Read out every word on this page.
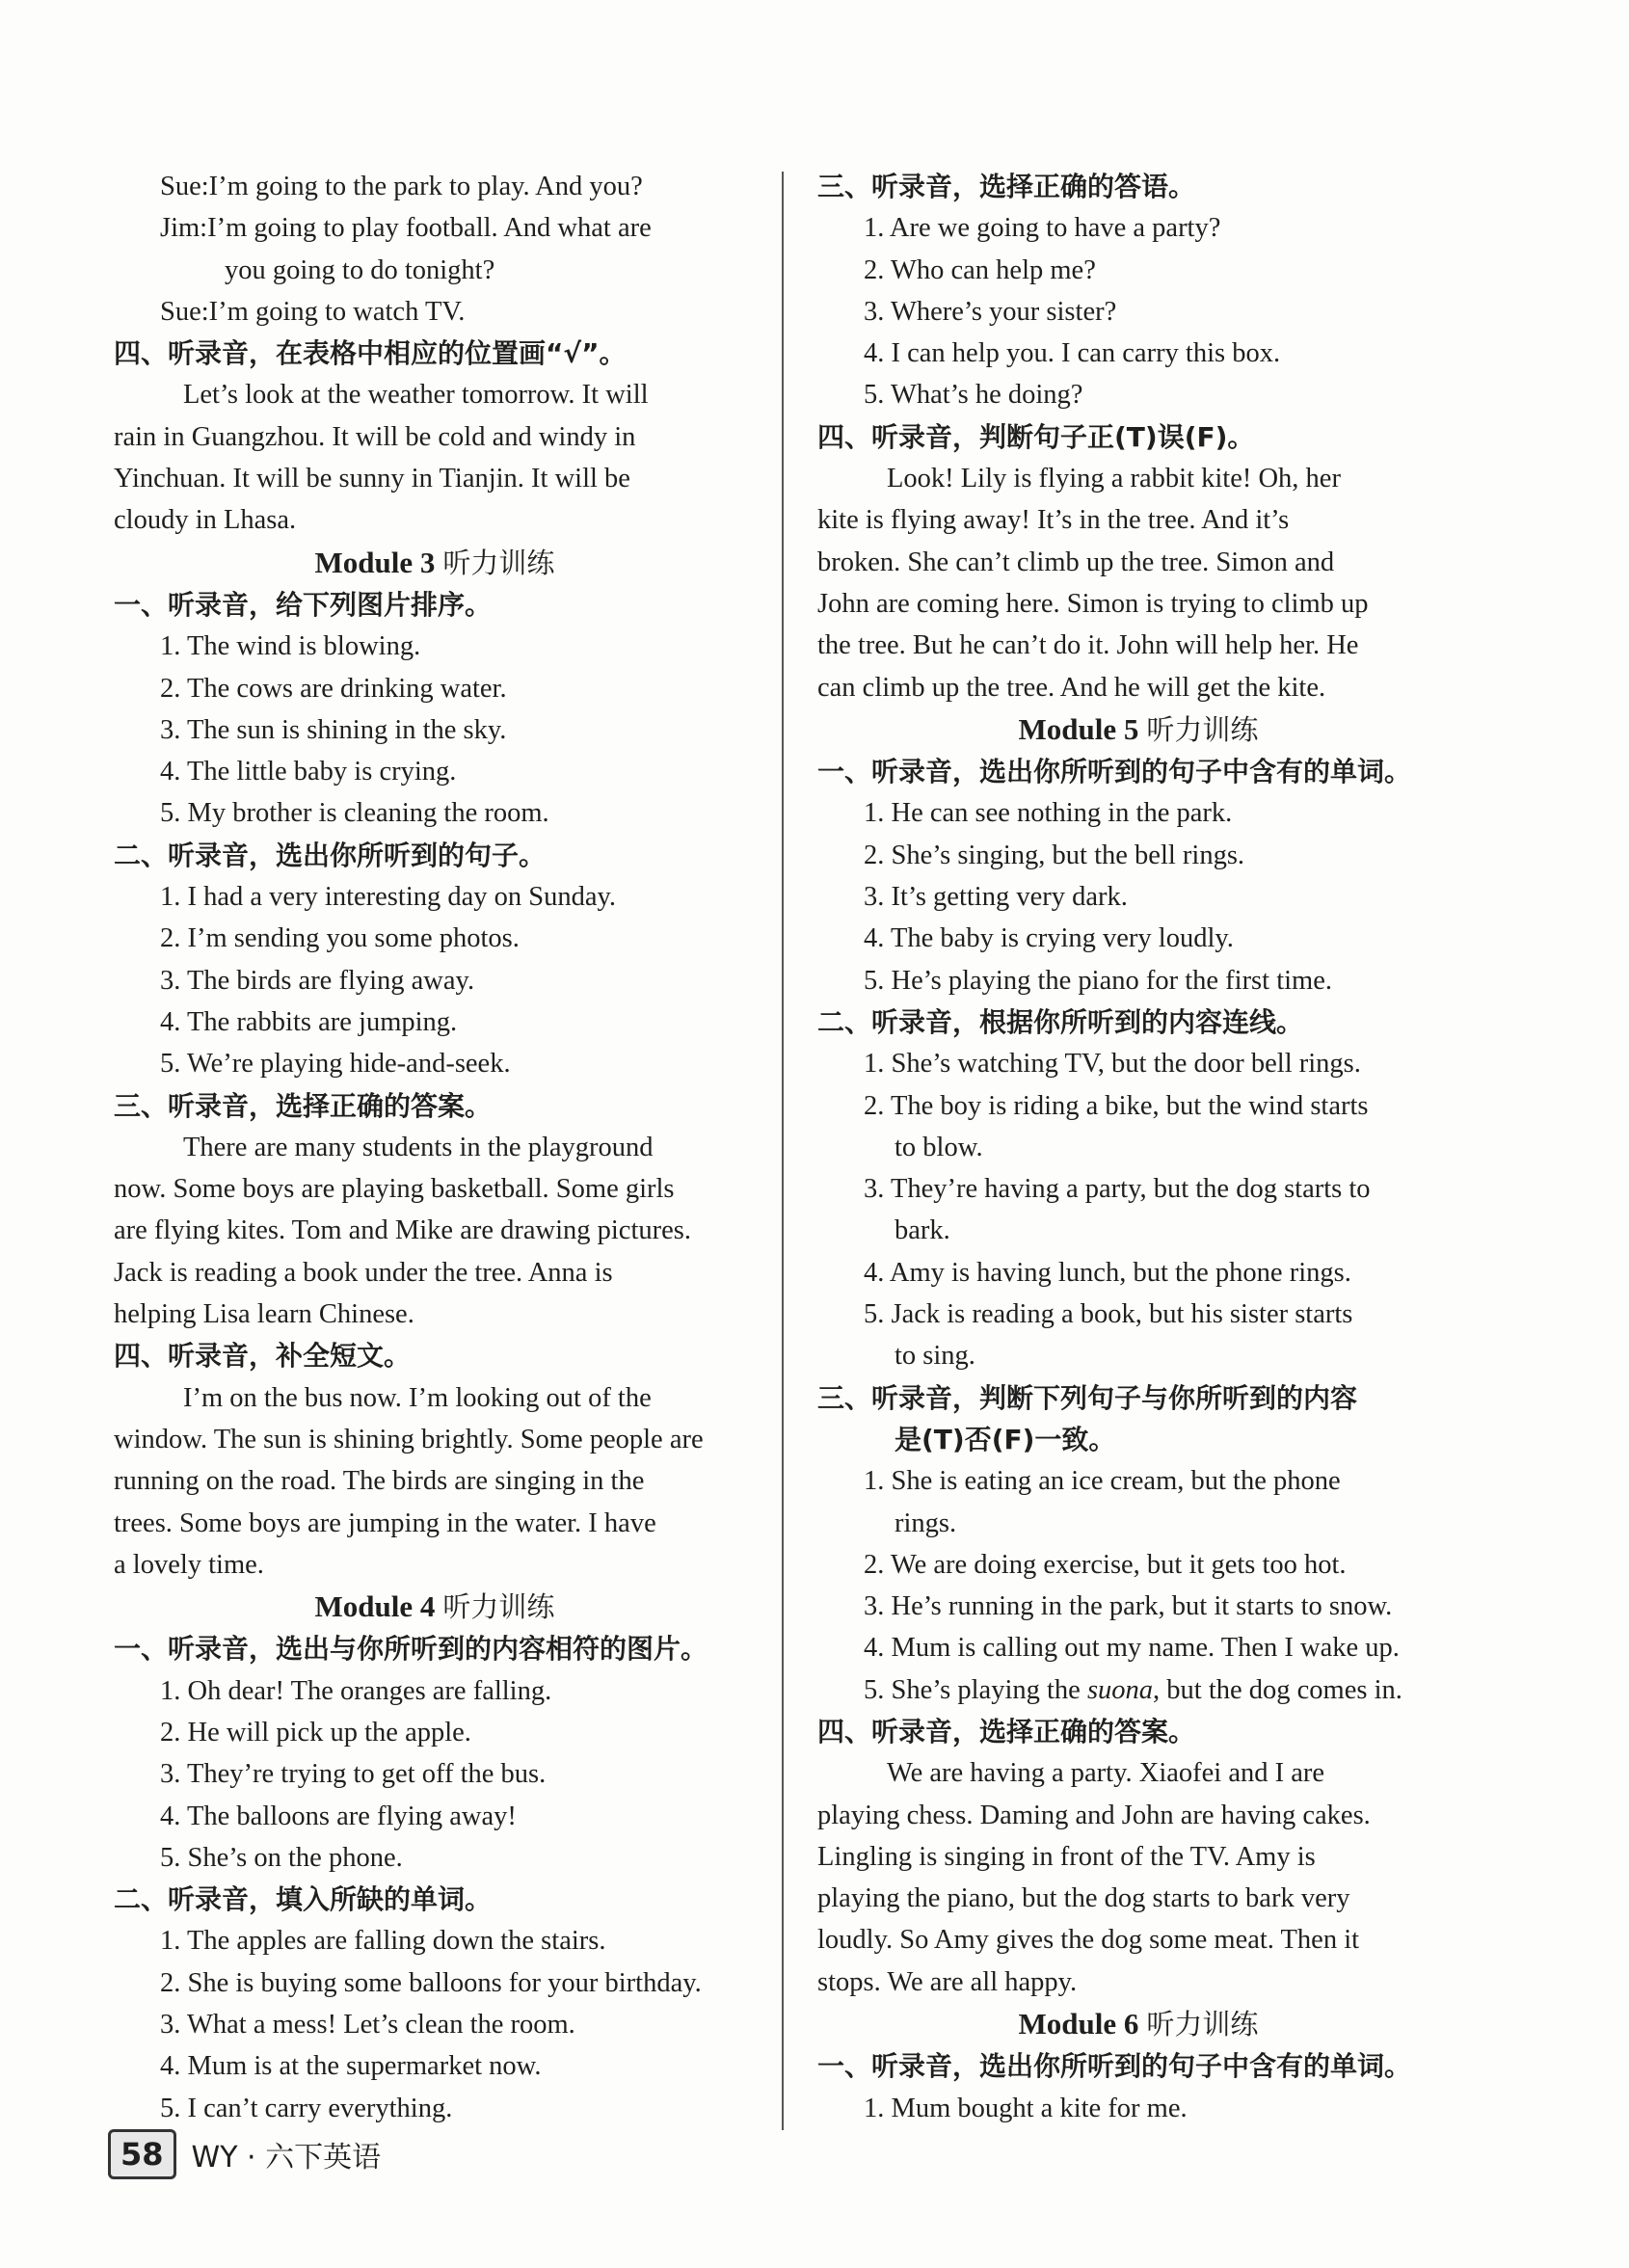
Sue:I’m going to the park to play. And you?
Jim:I’m going to play football. And what are
you going to do tonight?
Sue:I’m going to watch TV.
四、听录音，在表格中相应的位置画“√”。
Let’s look at the weather tomorrow. It will
rain in Guangzhou. It will be cold and windy in
Yinchuan. It will be sunny in Tianjin. It will be
cloudy in Lhasa.
Module 3 听力训练
一、听录音，给下列图片排序。
1. The wind is blowing.
2. The cows are drinking water.
3. The sun is shining in the sky.
4. The little baby is crying.
5. My brother is cleaning the room.
二、听录音，选出你所听到的句子。
1. I had a very interesting day on Sunday.
2. I’m sending you some photos.
3. The birds are flying away.
4. The rabbits are jumping.
5. We’re playing hide-and-seek.
三、听录音，选择正确的答案。
There are many students in the playground
now. Some boys are playing basketball. Some girls
are flying kites. Tom and Mike are drawing pictures.
Jack is reading a book under the tree. Anna is
helping Lisa learn Chinese.
四、听录音，补全短文。
I’m on the bus now. I’m looking out of the
window. The sun is shining brightly. Some people are
running on the road. The birds are singing in the
trees. Some boys are jumping in the water. I have
a lovely time.
Module 4 听力训练
一、听录音，选出与你所听到的内容相符的图片。
1. Oh dear! The oranges are falling.
2. He will pick up the apple.
3. They’re trying to get off the bus.
4. The balloons are flying away!
5. She’s on the phone.
二、听录音，填入所缺的单词。
1. The apples are falling down the stairs.
2. She is buying some balloons for your birthday.
3. What a mess! Let’s clean the room.
4. Mum is at the supermarket now.
5. I can’t carry everything.
三、听录音，选择正确的答语。
1. Are we going to have a party?
2. Who can help me?
3. Where’s your sister?
4. I can help you. I can carry this box.
5. What’s he doing?
四、听录音，判断句子正(T)误(F)。
Look! Lily is flying a rabbit kite! Oh, her
kite is flying away! It’s in the tree. And it’s
broken. She can’t climb up the tree. Simon and
John are coming here. Simon is trying to climb up
the tree. But he can’t do it. John will help her. He
can climb up the tree. And he will get the kite.
Module 5 听力训练
一、听录音，选出你所听到的句子中含有的单词。
1. He can see nothing in the park.
2. She’s singing, but the bell rings.
3. It’s getting very dark.
4. The baby is crying very loudly.
5. He’s playing the piano for the first time.
二、听录音，根据你所听到的内容连线。
1. She’s watching TV, but the door bell rings.
2. The boy is riding a bike, but the wind starts
to blow.
3. They’re having a party, but the dog starts to
bark.
4. Amy is having lunch, but the phone rings.
5. Jack is reading a book, but his sister starts
to sing.
三、听录音，判断下列句子与你所听到的内容
是(T)否(F)一致。
1. She is eating an ice cream, but the phone
rings.
2. We are doing exercise, but it gets too hot.
3. He’s running in the park, but it starts to snow.
4. Mum is calling out my name. Then I wake up.
5. She’s playing the suona, but the dog comes in.
四、听录音，选择正确的答案。
We are having a party. Xiaofei and I are
playing chess. Daming and John are having cakes.
Lingling is singing in front of the TV. Amy is
playing the piano, but the dog starts to bark very
loudly. So Amy gives the dog some meat. Then it
stops. We are all happy.
Module 6 听力训练
一、听录音，选出你所听到的句子中含有的单词。
1. Mum bought a kite for me.
58 WY · 六下英语
